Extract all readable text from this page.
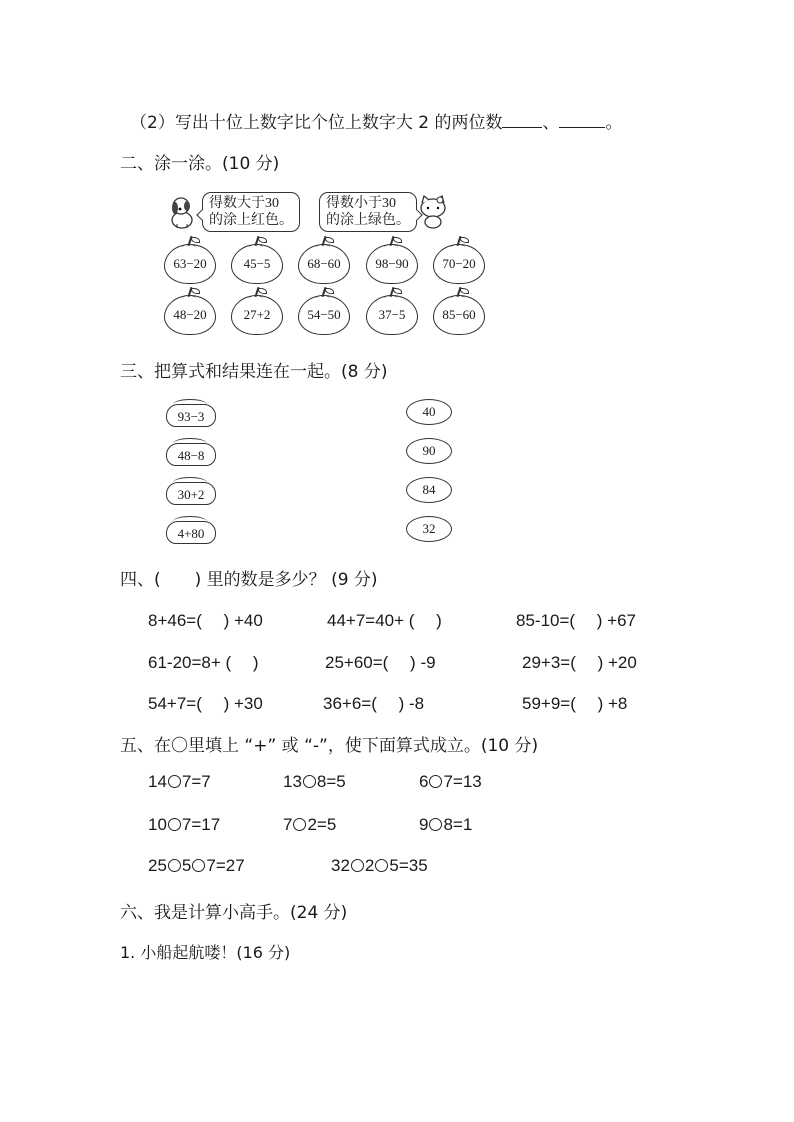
（2）写出十位上数字比个位上数字大 2 的两位数 、	。
二、涂一涂。(10 分)
得数大于30
的涂上红色。
得数小于30
的涂上绿色。
63−20	45−5	68−60	98−90	70−20
48−20	27+2	54−50	37−5	85−60
三、把算式和结果连在一起。(8 分)
93−3
48−8
30+2
4+80
40
90
84
32
四、(　　) 里的数是多少？ (9 分)
8+46=(　 ) +40	44+7=40+ (　 )	85-10=(　 ) +67
61-20=8+ (　 )	25+60=(　 ) -9	29+3=(　 ) +20
54+7=(　 ) +30	36+6=(　 ) -8	59+9=(　 ) +8
五、在〇里填上 “+” 或 “-”，使下面算式成立。(10 分)
14 7=7	13 8=5	6 7=13
10 7=17	7 2=5	9 8=1
25 5 7=27	32 2 5=35
六、我是计算小高手。(24 分)
1. 小船起航喽！(16 分)
